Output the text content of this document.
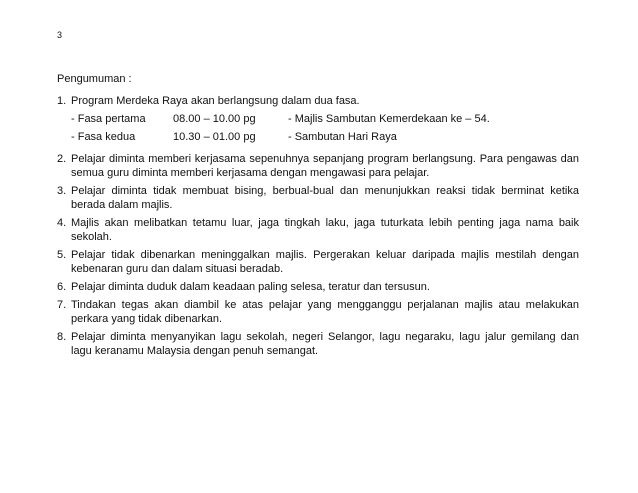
3
Pengumuman :
1. Program Merdeka Raya akan berlangsung dalam dua fasa.
- Fasa pertama 08.00 – 10.00 pg	- Majlis Sambutan Kemerdekaan ke – 54.
- Fasa kedua	10.30 – 01.00 pg	- Sambutan Hari Raya
2. Pelajar diminta memberi kerjasama sepenuhnya sepanjang program berlangsung. Para pengawas dan semua guru diminta memberi kerjasama dengan mengawasi para pelajar.
3. Pelajar diminta tidak membuat bising, berbual-bual dan menunjukkan reaksi tidak berminat ketika berada dalam majlis.
4. Majlis akan melibatkan tetamu luar, jaga tingkah laku, jaga tuturkata lebih penting jaga nama baik sekolah.
5. Pelajar tidak dibenarkan meninggalkan majlis. Pergerakan keluar daripada majlis mestilah dengan kebenaran guru dan dalam situasi beradab.
6. Pelajar diminta duduk dalam keadaan paling selesa, teratur dan tersusun.
7. Tindakan tegas akan diambil ke atas pelajar yang mengganggu perjalanan majlis atau melakukan perkara yang tidak dibenarkan.
8. Pelajar diminta menyanyikan lagu sekolah, negeri Selangor, lagu negaraku, lagu jalur gemilang dan lagu keranamu Malaysia dengan penuh semangat.
